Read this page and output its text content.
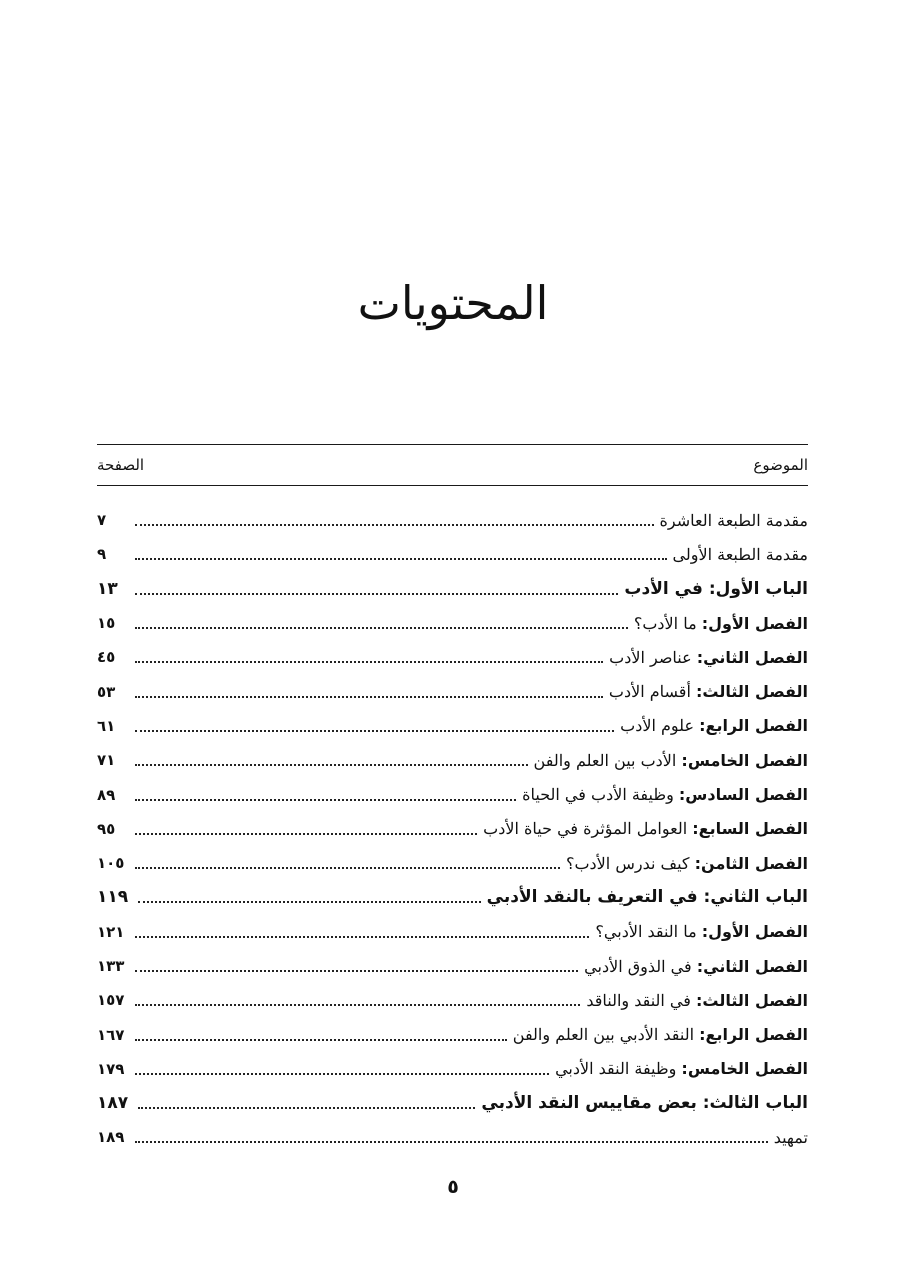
المحتويات
الموضوع
الصفحة
مقدمة الطبعة العاشرة
٧
مقدمة الطبعة الأولى
٩
الباب الأول: في الأدب
١٣
الفصل الأول: ما الأدب؟
١٥
الفصل الثاني: عناصر الأدب
٤٥
الفصل الثالث: أقسام الأدب
٥٣
الفصل الرابع: علوم الأدب
٦١
الفصل الخامس: الأدب بين العلم والفن
٧١
الفصل السادس: وظيفة الأدب في الحياة
٨٩
الفصل السابع: العوامل المؤثرة في حياة الأدب
٩٥
الفصل الثامن: كيف ندرس الأدب؟
١٠٥
الباب الثاني: في التعريف بالنقد الأدبي
١١٩
الفصل الأول: ما النقد الأدبي؟
١٢١
الفصل الثاني: في الذوق الأدبي
١٣٣
الفصل الثالث: في النقد والناقد
١٥٧
الفصل الرابع: النقد الأدبي بين العلم والفن
١٦٧
الفصل الخامس: وظيفة النقد الأدبي
١٧٩
الباب الثالث: بعض مقاييس النقد الأدبي
١٨٧
تمهيد
١٨٩
٥
